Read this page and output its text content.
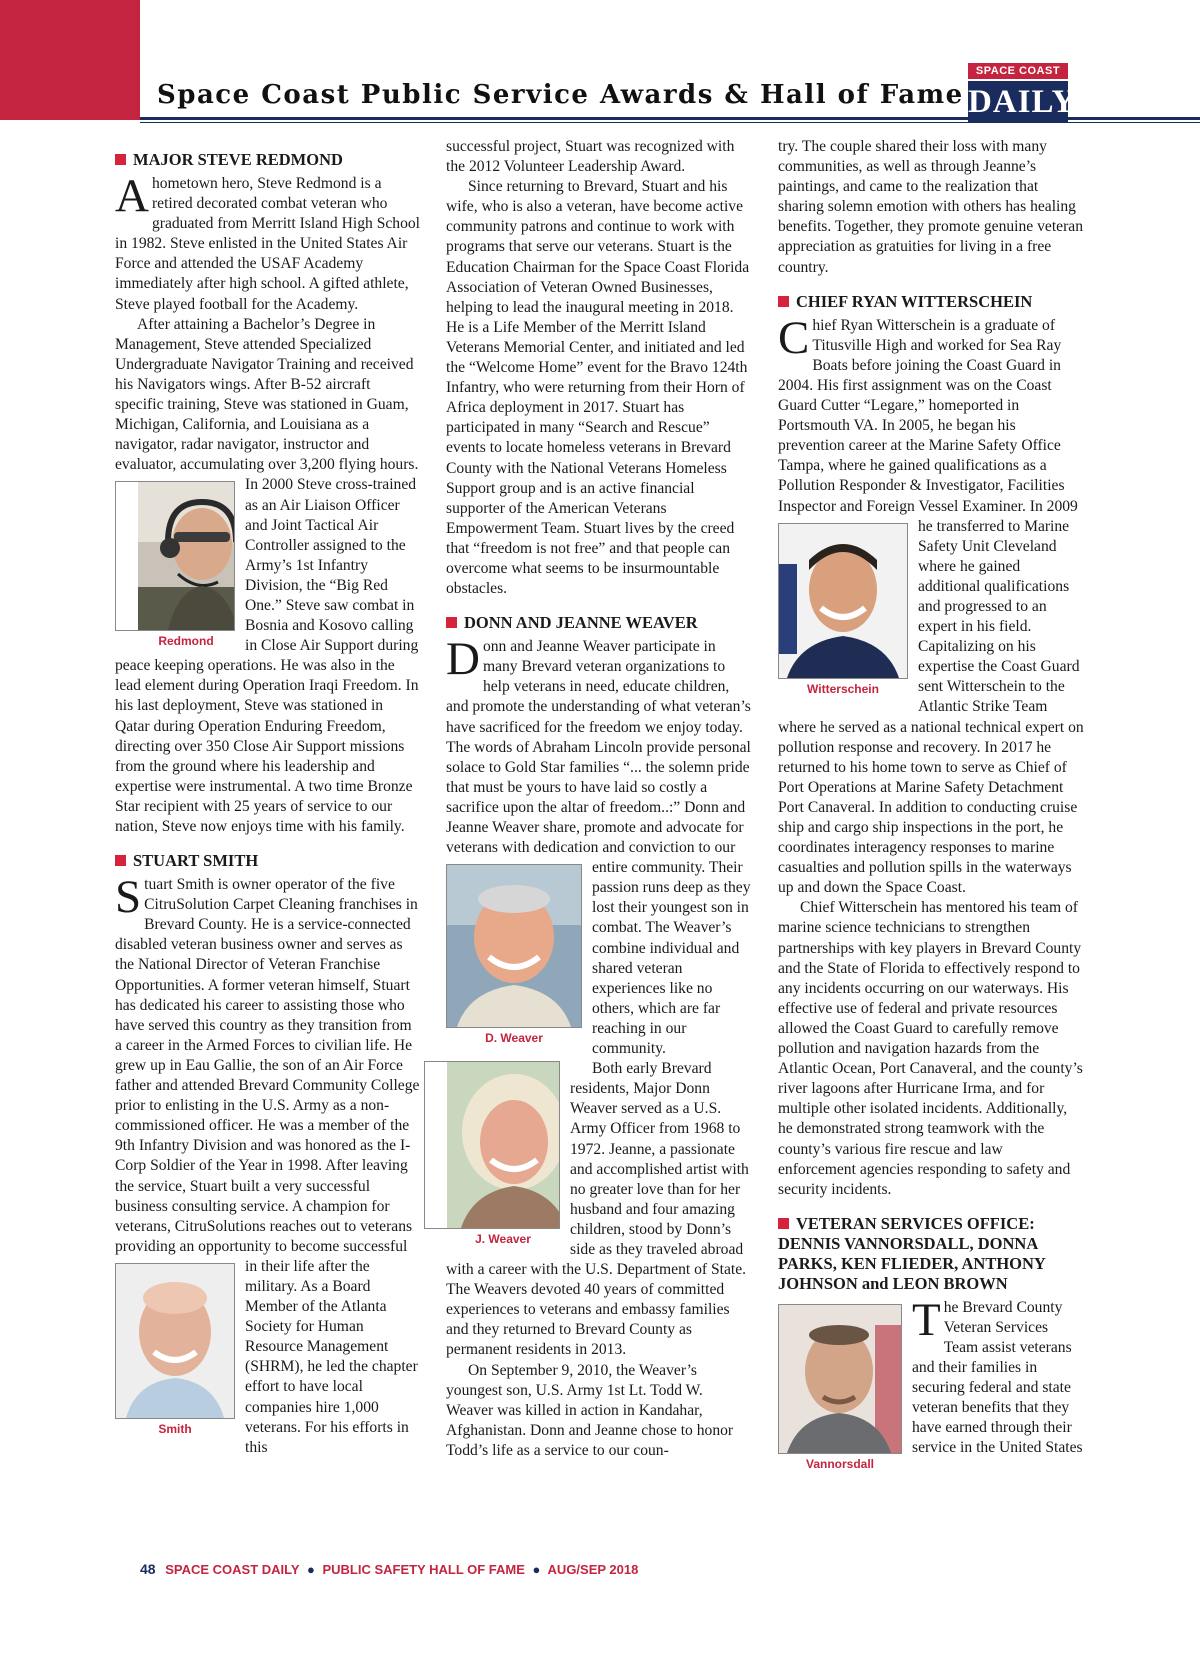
Space Coast Public Service Awards & Hall of Fame
SPACE COAST
DAILY.com
MAJOR STEVE REDMOND

Ahometown hero, Steve Redmond is a retired decorated combat veteran who graduated from Merritt Island High School in 1982. Steve enlisted in the United States Air Force and attended the USAF Academy immediately after high school. A gifted athlete, Steve played football for the Academy.

After attaining a Bachelor’s Degree in Management, Steve attended Specialized Undergraduate Navigator Training and received his Navigators wings. After B-52 aircraft specific training, Steve was stationed in Guam, Michigan, California, and Louisiana as a navigator, radar navigator, instructor and evaluator, accumulating over 3,200 flying hours.
Redmond
In 2000 Steve cross-trained as an Air Liaison Officer and Joint Tactical Air Controller assigned to the Army’s 1st Infantry Division, the “Big Red One.” Steve saw combat in Bosnia and Kosovo calling in Close Air Support during peace keeping operations. He was also in the lead element during Operation Iraqi Freedom. In his last deployment, Steve was stationed in Qatar during Operation Enduring Freedom, directing over 350 Close Air Support missions from the ground where his leadership and expertise were instrumental. A two time Bronze Star recipient with 25 years of service to our nation, Steve now enjoys time with his family.

STUART SMITH

Stuart Smith is owner operator of the five CitruSolution Carpet Cleaning franchises in Brevard County. He is a service-connected disabled veteran business owner and serves as the National Director of Veteran Franchise Opportunities. A former veteran himself, Stuart has dedicated his career to assisting those who have served this country as they transition from a career in the Armed Forces to civilian life. He grew up in Eau Gallie, the son of an Air Force father and attended Brevard Community College prior to enlisting in the U.S. Army as a non-commissioned officer. He was a member of the 9th Infantry Division and was honored as the I-Corp Soldier of the Year in 1998. After leaving the service, Stuart built a very successful business consulting service. A champion for veterans, CitruSolutions reaches out to veterans providing an opportunity to become successful in their life
Smith
after the military. As a Board Member of the Atlanta Society for Human Resource Management (SHRM), he led the chapter effort to have local companies hire 1,000 veterans. For his efforts in this

successful project, Stuart was recognized with the 2012 Volunteer Leadership Award.

Since returning to Brevard, Stuart and his wife, who is also a veteran, have become active community patrons and continue to work with programs that serve our veterans. Stuart is the Education Chairman for the Space Coast Florida Association of Veteran Owned Businesses, helping to lead the inaugural meeting in 2018. He is a Life Member of the Merritt Island Veterans Memorial Center, and initiated and led the “Welcome Home” event for the Bravo 124th Infantry, who were returning from their Horn of Africa deployment in 2017. Stuart has participated in many “Search and Rescue” events to locate homeless veterans in Brevard County with the National Veterans Homeless Support group and is an active financial supporter of the American Veterans Empowerment Team. Stuart lives by the creed that “freedom is not free” and that people can overcome what seems to be insurmountable obstacles.

DONN AND JEANNE WEAVER

Donn and Jeanne Weaver participate in many Brevard veteran organizations to help veterans in need, educate children, and promote the understanding of what veteran’s have sacrificed for the freedom we enjoy today. The words of Abraham Lincoln provide personal solace to Gold Star families “... the solemn pride that must be yours to have laid so costly a sacrifice upon the altar of freedom..:” Donn and Jeanne Weaver share, promote and advocate for veterans with dedication and conviction to our entire community. Their
D. Weaver
passion runs deep as they lost their youngest son in combat. The Weaver’s combine individual and shared veteran experiences like no others, which are far reaching in our community.

J. Weaver
Both early Brevard residents, Major Donn Weaver served as a U.S. Army Officer from 1968 to 1972. Jeanne, a passionate and accomplished artist with no greater love than for her husband and four amazing children, stood by Donn’s side as they traveled abroad with a career with the U.S. Department of State. The Weavers devoted 40 years of committed experiences to veterans and embassy families and they returned to Brevard County as permanent residents in 2013.

On September 9, 2010, the Weaver’s youngest son, U.S. Army 1st Lt. Todd W. Weaver was killed in action in Kandahar, Afghanistan. Donn and Jeanne chose to honor Todd’s life as a service to our coun-

try. The couple shared their loss with many communities, as well as through Jeanne’s paintings, and came to the realization that sharing solemn emotion with others has healing benefits. Together, they promote genuine veteran appreciation as gratuities for living in a free country.

CHIEF RYAN WITTERSCHEIN

Chief Ryan Witterschein is a graduate of Titusville High and worked for Sea Ray Boats before joining the Coast Guard in 2004. His first assignment was on the Coast Guard Cutter “Legare,” homeported in Portsmouth VA. In 2005, he began his prevention career at the Marine Safety Office Tampa, where he gained qualifications as a Pollution Responder & Investigator, Facilities Inspector and Foreign Vessel
Witterschein
Examiner. In 2009 he transferred to Marine Safety Unit Cleveland where he gained additional qualifications and progressed to an expert in his field. Capitalizing on his expertise the Coast Guard sent Witterschein to the Atlantic Strike Team where he served as a national technical expert on pollution response and recovery. In 2017 he returned to his home town to serve as Chief of Port Operations at Marine Safety Detachment Port Canaveral. In addition to conducting cruise ship and cargo ship inspections in the port, he coordinates interagency responses to marine casualties and pollution spills in the waterways up and down the Space Coast.

Chief Witterschein has mentored his team of marine science technicians to strengthen partnerships with key players in Brevard County and the State of Florida to effectively respond to any incidents occurring on our waterways. His effective use of federal and private resources allowed the Coast Guard to carefully remove pollution and navigation hazards from the Atlantic Ocean, Port Canaveral, and the county’s river lagoons after Hurricane Irma, and for multiple other isolated incidents. Additionally, he demonstrated strong teamwork with the county’s various fire rescue and law enforcement agencies responding to safety and security incidents.

VETERAN SERVICES OFFICE: DENNIS VANNORSDALL, DONNA PARKS, KEN FLIEDER, ANTHONY JOHNSON and LEON BROWN

Vannorsdall
T he Brevard County Veteran Services Team assist veterans and their families in securing federal and state veteran benefits that they have earned through their service in the United States

48 SPACE COAST DAILY ● PUBLIC SAFETY HALL OF FAME ● AUG/SEP 2018
